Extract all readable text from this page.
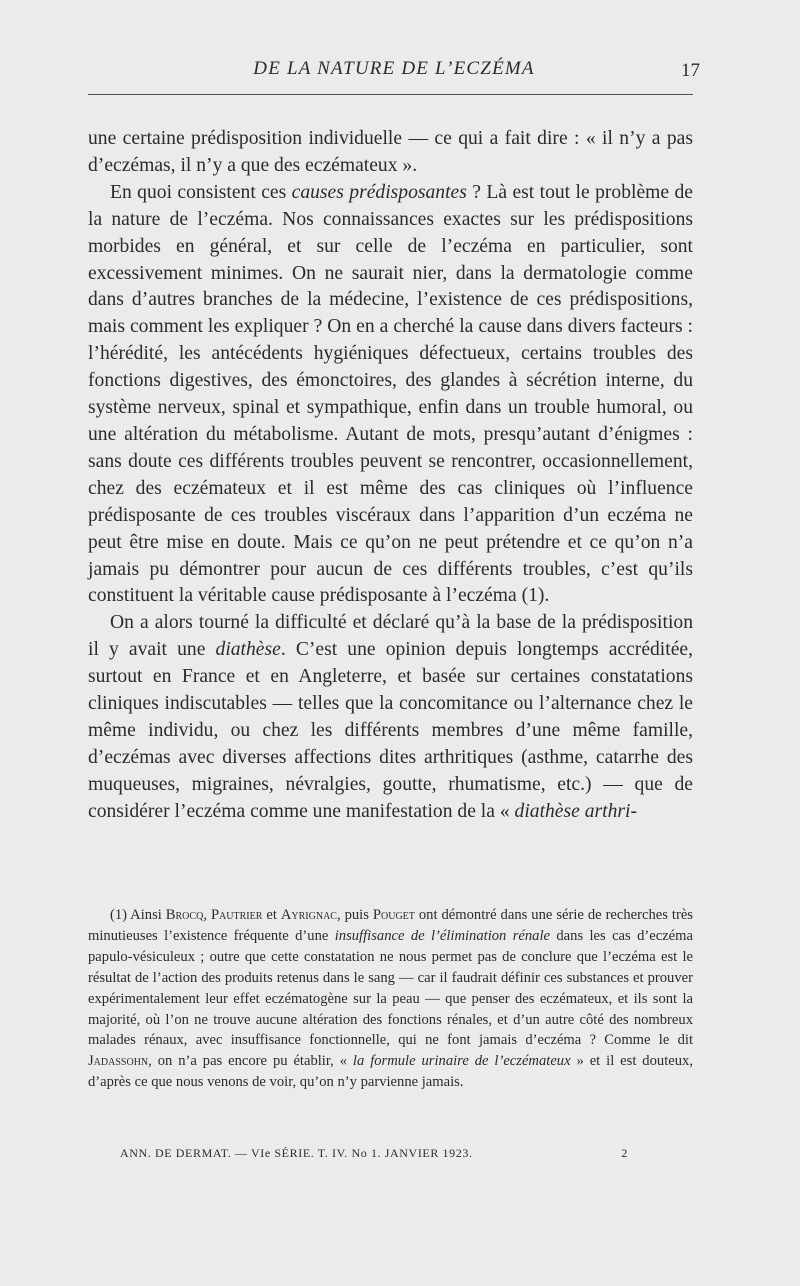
DE LA NATURE DE L’ECZÉMA	17

une certaine prédisposition individuelle — ce qui a fait dire : « il n’y a pas d’eczémas, il n’y a que des eczémateux ».

En quoi consistent ces causes prédisposantes ? Là est tout le problème de la nature de l’eczéma. Nos connaissances exactes sur les prédispositions morbides en général, et sur celle de l’eczéma en particulier, sont excessivement minimes. On ne saurait nier, dans la dermatologie comme dans d’autres branches de la médecine, l’existence de ces prédispositions, mais comment les expliquer ? On en a cherché la cause dans divers facteurs : l’hérédité, les antécédents hygiéniques défectueux, certains troubles des fonctions digestives, des émonctoires, des glandes à sécrétion interne, du système nerveux, spinal et sympathique, enfin dans un trouble humoral, ou une altération du métabolisme. Autant de mots, presqu’autant d’énigmes : sans doute ces différents troubles peuvent se rencontrer, occasionnellement, chez des eczémateux et il est même des cas cliniques où l’influence prédisposante de ces troubles viscéraux dans l’apparition d’un eczéma ne peut être mise en doute. Mais ce qu’on ne peut prétendre et ce qu’on n’a jamais pu démontrer pour aucun de ces différents troubles, c’est qu’ils constituent la véritable cause prédisposante à l’eczéma (1).

On a alors tourné la difficulté et déclaré qu’à la base de la prédisposition il y avait une diathèse. C’est une opinion depuis longtemps accréditée, surtout en France et en Angleterre, et basée sur certaines constatations cliniques indiscutables — telles que la concomitance ou l’alternance chez le même individu, ou chez les différents membres d’une même famille, d’eczémas avec diverses affections dites arthritiques (asthme, catarrhe des muqueuses, migraines, névralgies, goutte, rhumatisme, etc.) — que de considérer l’eczéma comme une manifestation de la « diathèse arthri-

(1) Ainsi Brocq, Pautrier et Ayrignac, puis Pouget ont démontré dans une série de recherches très minutieuses l’existence fréquente d’une insuffisance de l’élimination rénale dans les cas d’eczéma papulo-vésiculeux ; outre que cette constatation ne nous permet pas de conclure que l’eczéma est le résultat de l’action des produits retenus dans le sang — car il faudrait définir ces substances et prouver expérimentalement leur effet eczématogène sur la peau — que penser des eczémateux, et ils sont la majorité, où l’on ne trouve aucune altération des fonctions rénales, et d’un autre côté des nombreux malades rénaux, avec insuffisance fonctionnelle, qui ne font jamais d’eczéma ? Comme le dit Jadassohn, on n’a pas encore pu établir, « la formule urinaire de l’eczémateux » et il est douteux, d’après ce que nous venons de voir, qu’on n’y parvienne jamais.

ANN. DE DERMAT. — VIe SÉRIE. T. IV. No 1. JANVIER 1923.	2
